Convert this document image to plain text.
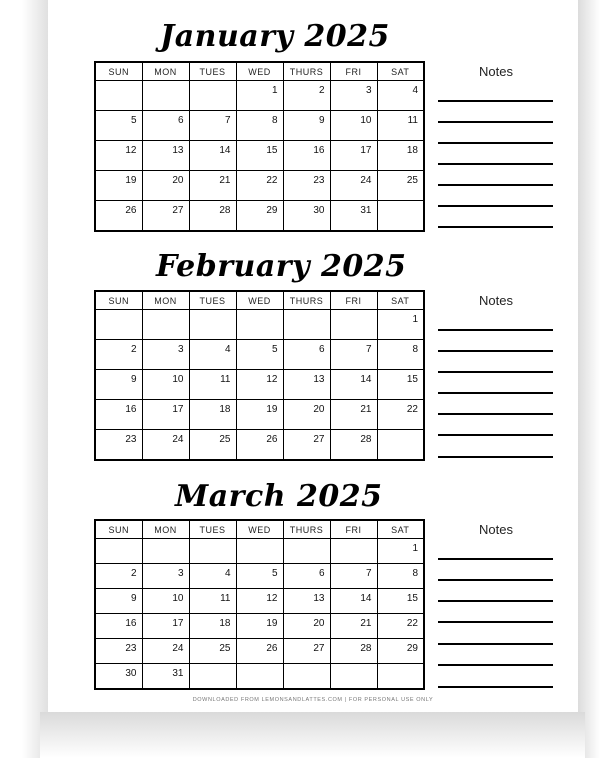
January 2025
SUN	MON	TUES	WED	THURS	FRI	SAT
			1	2	3	4
5	6	7	8	9	10	11
12	13	14	15	16	17	18
19	20	21	22	23	24	25
26	27	28	29	30	31	
Notes
February 2025
SUN	MON	TUES	WED	THURS	FRI	SAT
						1
2	3	4	5	6	7	8
9	10	11	12	13	14	15
16	17	18	19	20	21	22
23	24	25	26	27	28	
Notes
March 2025
SUN	MON	TUES	WED	THURS	FRI	SAT
						1
2	3	4	5	6	7	8
9	10	11	12	13	14	15
16	17	18	19	20	21	22
23	24	25	26	27	28	29
30	31					
Notes
DOWNLOADED FROM LEMONSANDLATTES.COM | FOR PERSONAL USE ONLY
